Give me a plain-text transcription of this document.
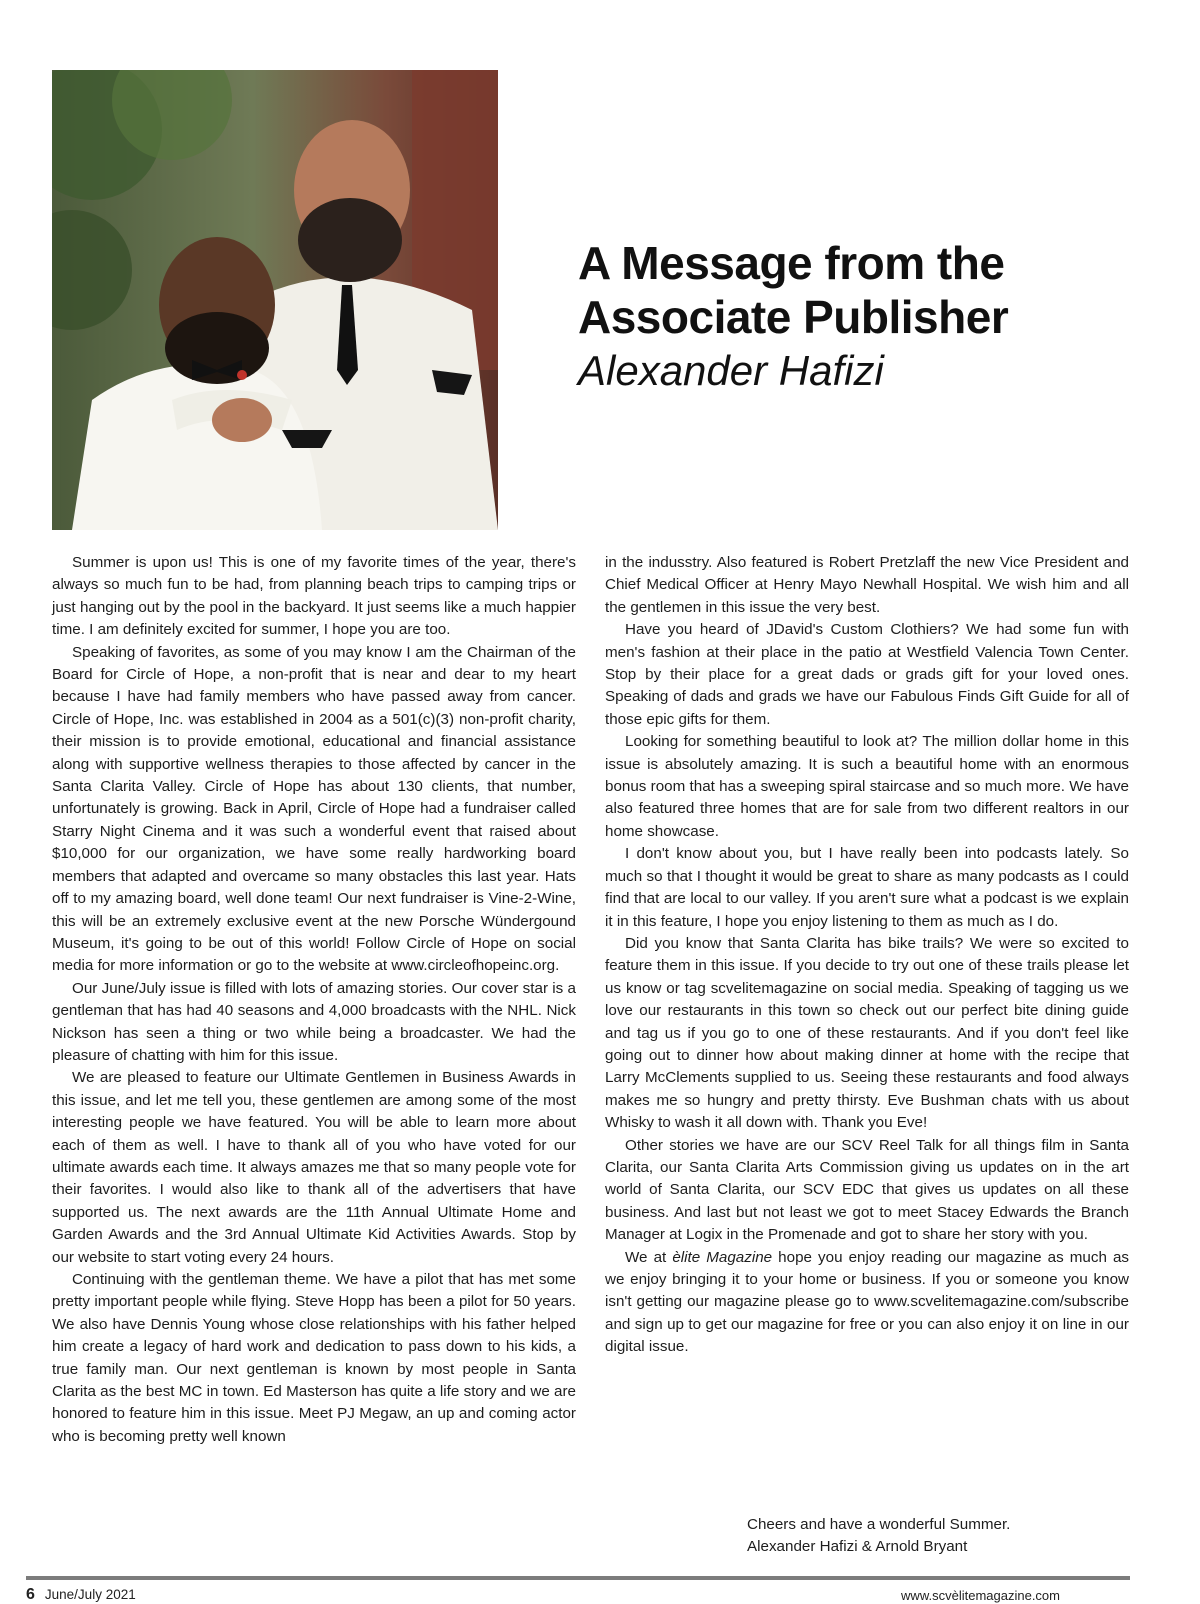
A Message from the
Associate Publisher
Alexander Hafizi

Summer is upon us! This is one of my favorite times of the year, there's always so much fun to be had, from planning beach trips to camping trips or just hanging out by the pool in the backyard. It just seems like a much happier time. I am definitely excited for summer, I hope you are too.

Speaking of favorites, as some of you may know I am the Chairman of the Board for Circle of Hope, a non-profit that is near and dear to my heart because I have had family members who have passed away from cancer. Circle of Hope, Inc. was established in 2004 as a 501(c)(3) non-profit charity, their mission is to provide emotional, educational and financial assistance along with supportive wellness therapies to those affected by cancer in the Santa Clarita Valley. Circle of Hope has about 130 clients, that number, unfortunately is growing. Back in April, Circle of Hope had a fundraiser called Starry Night Cinema and it was such a wonderful event that raised about $10,000 for our organization, we have some really hardworking board members that adapted and overcame so many obstacles this last year. Hats off to my amazing board, well done team! Our next fundraiser is Vine-2-Wine, this will be an extremely exclusive event at the new Porsche Wündergound Museum, it's going to be out of this world! Follow Circle of Hope on social media for more information or go to the website at www.circleofhopeinc.org.

Our June/July issue is filled with lots of amazing stories. Our cover star is a gentleman that has had 40 seasons and 4,000 broadcasts with the NHL. Nick Nickson has seen a thing or two while being a broadcaster. We had the pleasure of chatting with him for this issue.

We are pleased to feature our Ultimate Gentlemen in Business Awards in this issue, and let me tell you, these gentlemen are among some of the most interesting people we have featured. You will be able to learn more about each of them as well. I have to thank all of you who have voted for our ultimate awards each time. It always amazes me that so many people vote for their favorites. I would also like to thank all of the advertisers that have supported us. The next awards are the 11th Annual Ultimate Home and Garden Awards and the 3rd Annual Ultimate Kid Activities Awards. Stop by our website to start voting every 24 hours.

Continuing with the gentleman theme. We have a pilot that has met some pretty important people while flying. Steve Hopp has been a pilot for 50 years. We also have Dennis Young whose close relationships with his father helped him create a legacy of hard work and dedication to pass down to his kids, a true family man. Our next gentleman is known by most people in Santa Clarita as the best MC in town. Ed Masterson has quite a life story and we are honored to feature him in this issue. Meet PJ Megaw, an up and coming actor who is becoming pretty well known

in the indusstry. Also featured is Robert Pretzlaff the new Vice President and Chief Medical Officer at Henry Mayo Newhall Hospital. We wish him and all the gentlemen in this issue the very best.

Have you heard of JDavid's Custom Clothiers? We had some fun with men's fashion at their place in the patio at Westfield Valencia Town Center. Stop by their place for a great dads or grads gift for your loved ones. Speaking of dads and grads we have our Fabulous Finds Gift Guide for all of those epic gifts for them.

Looking for something beautiful to look at? The million dollar home in this issue is absolutely amazing. It is such a beautiful home with an enormous bonus room that has a sweeping spiral staircase and so much more. We have also featured three homes that are for sale from two different realtors in our home showcase.

I don't know about you, but I have really been into podcasts lately. So much so that I thought it would be great to share as many podcasts as I could find that are local to our valley. If you aren't sure what a podcast is we explain it in this feature, I hope you enjoy listening to them as much as I do.

Did you know that Santa Clarita has bike trails? We were so excited to feature them in this issue. If you decide to try out one of these trails please let us know or tag scvelitemagazine on social media. Speaking of tagging us we love our restaurants in this town so check out our perfect bite dining guide and tag us if you go to one of these restaurants. And if you don't feel like going out to dinner how about making dinner at home with the recipe that Larry McClements supplied to us. Seeing these restaurants and food always makes me so hungry and pretty thirsty. Eve Bushman chats with us about Whisky to wash it all down with. Thank you Eve!

Other stories we have are our SCV Reel Talk for all things film in Santa Clarita, our Santa Clarita Arts Commission giving us updates on in the art world of Santa Clarita, our SCV EDC that gives us updates on all these business. And last but not least we got to meet Stacey Edwards the Branch Manager at Logix in the Promenade and got to share her story with you.

We at èlite Magazine hope you enjoy reading our magazine as much as we enjoy bringing it to your home or business. If you or someone you know isn't getting our magazine please go to www.scvelitemagazine.com/subscribe and sign up to get our magazine for free or you can also enjoy it on line in our digital issue.

Cheers and have a wonderful Summer.
Alexander Hafizi & Arnold Bryant
6 June/July 2021	www.scvèlitemagazine.com
